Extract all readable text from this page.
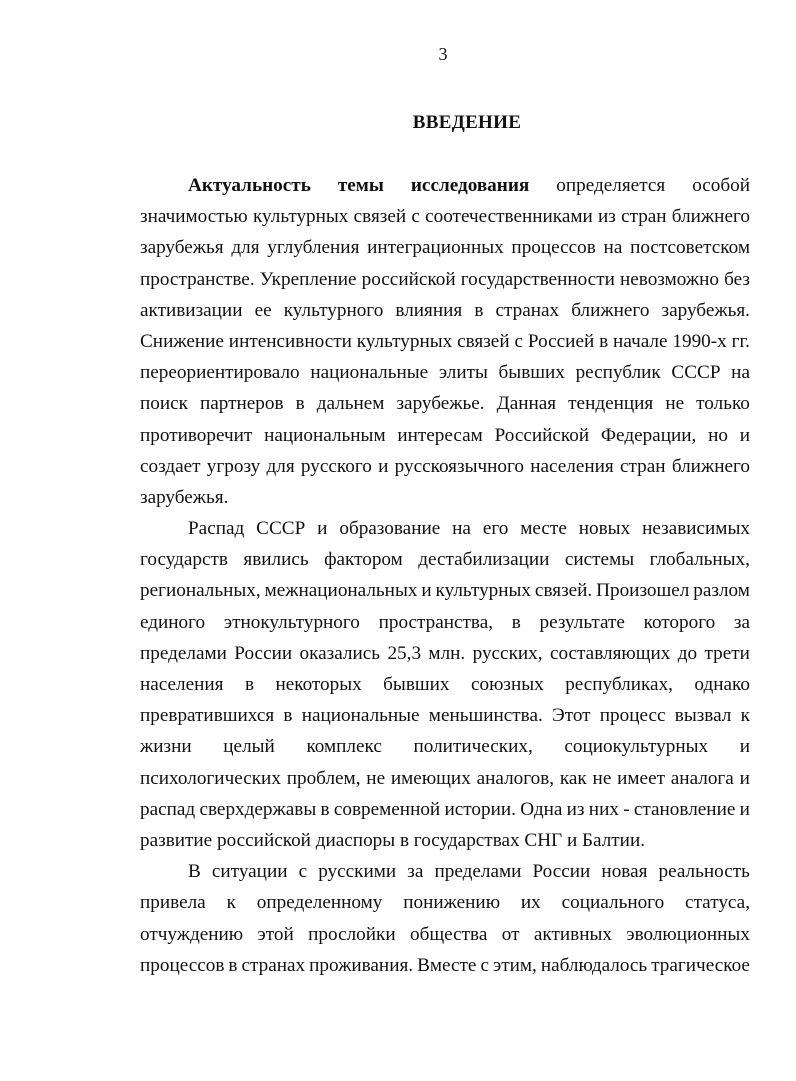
3
ВВЕДЕНИЕ
Актуальность темы исследования определяется особой
значимостью культурных связей с соотечественниками из стран ближнего
зарубежья для углубления интеграционных процессов на постсоветском
пространстве. Укрепление российской государственности невозможно без
активизации ее культурного влияния в странах ближнего зарубежья.
Снижение интенсивности культурных связей с Россией в начале 1990-х гг.
переориентировало национальные элиты бывших республик СССР на
поиск партнеров в дальнем зарубежье. Данная тенденция не только
противоречит национальным интересам Российской Федерации, но и
создает угрозу для русского и русскоязычного населения стран ближнего
зарубежья.
Распад СССР и образование на его месте новых независимых
государств явились фактором дестабилизации системы глобальных,
региональных, межнациональных и культурных связей. Произошел разлом
единого этнокультурного пространства, в результате которого за
пределами России оказались 25,3 млн. русских, составляющих до трети
населения в некоторых бывших союзных республиках, однако
превратившихся в национальные меньшинства. Этот процесс вызвал к
жизни целый комплекс политических, социокультурных и
психологических проблем, не имеющих аналогов, как не имеет аналога и
распад сверхдержавы в современной истории. Одна из них - становление и
развитие российской диаспоры в государствах СНГ и Балтии.
В ситуации с русскими за пределами России новая реальность
привела к определенному понижению их социального статуса,
отчуждению этой прослойки общества от активных эволюционных
процессов в странах проживания. Вместе с этим, наблюдалось трагическое
